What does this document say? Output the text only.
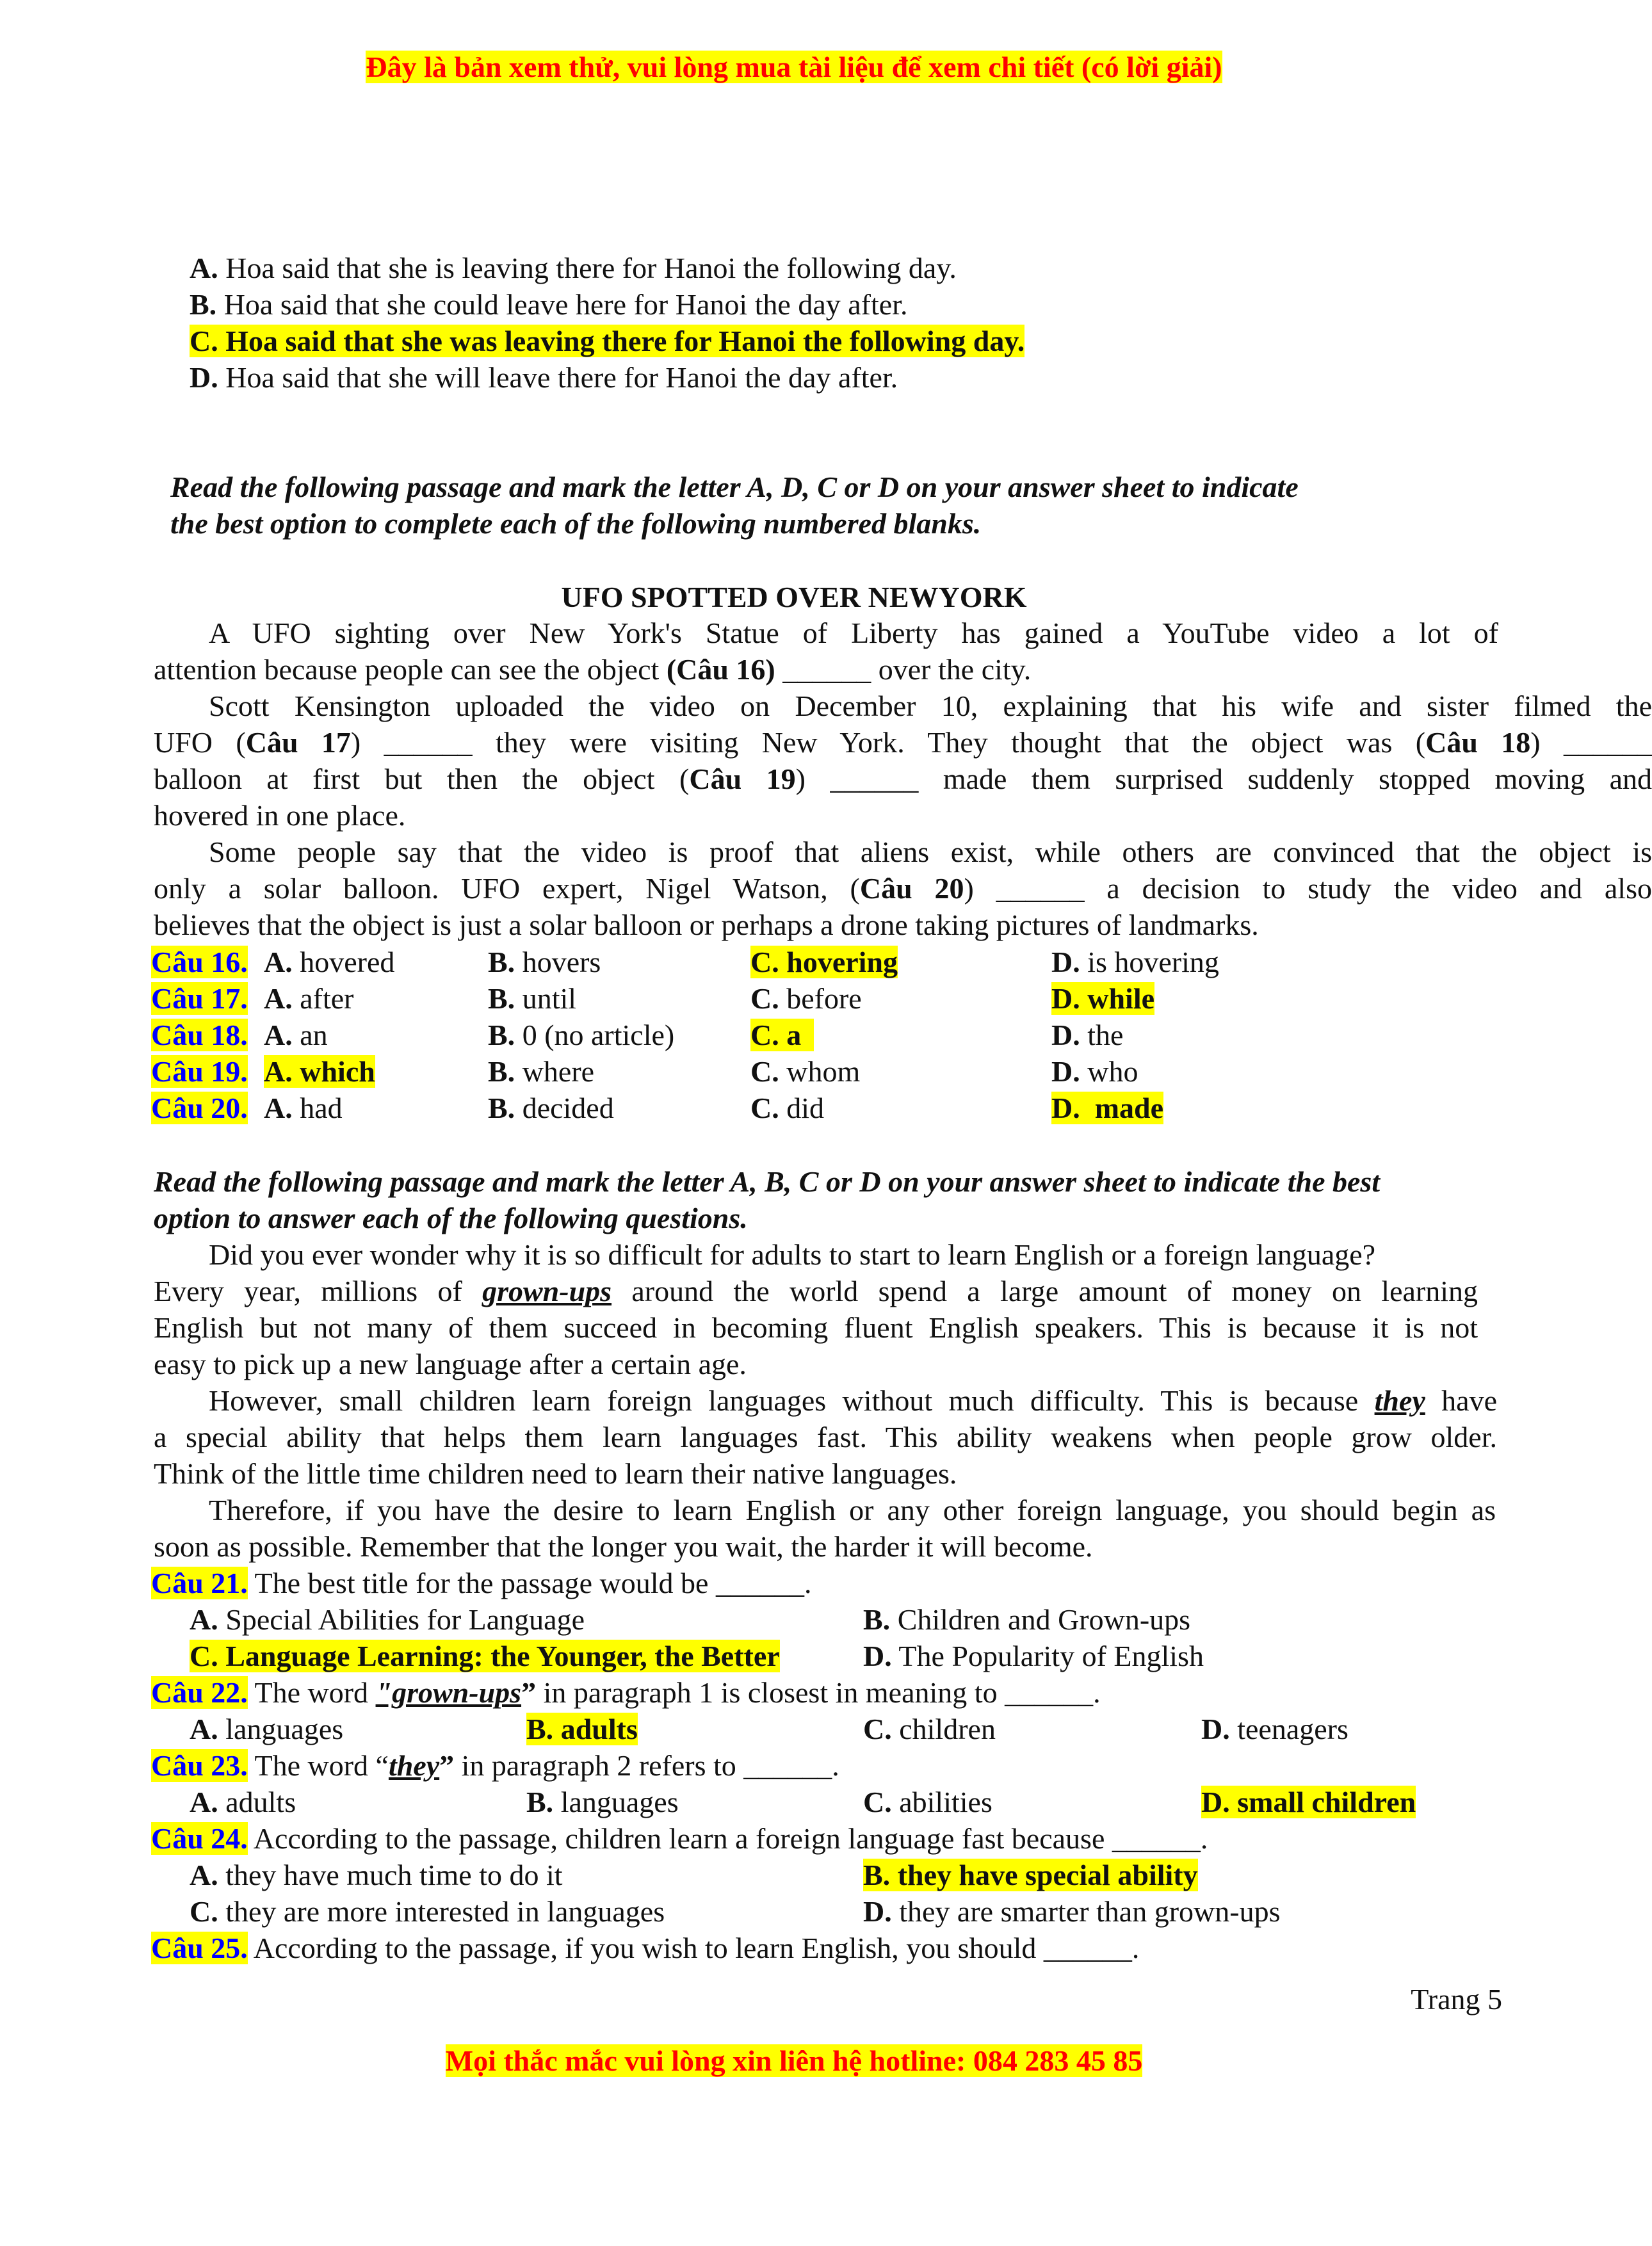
Đây là bản xem thử, vui lòng mua tài liệu để xem chi tiết (có lời giải)
A. Hoa said that she is leaving there for Hanoi the following day.
B. Hoa said that she could leave here for Hanoi the day after.
C. Hoa said that she was leaving there for Hanoi the following day.
D. Hoa said that she will leave there for Hanoi the day after.
Read the following passage and mark the letter A, D, C or D on your answer sheet to indicate
the best option to complete each of the following numbered blanks.
UFO SPOTTED OVER NEWYORK
A UFO sighting over New York's Statue of Liberty has gained a YouTube video a lot of
attention because people can see the object (Câu 16) ______ over the city.
Scott Kensington uploaded the video on December 10, explaining that his wife and sister filmed the
UFO (Câu 17) ______ they were visiting New York. They thought that the object was (Câu 18) ______
balloon at first but then the object (Câu 19) ______ made them surprised suddenly stopped moving and
hovered in one place.
Some people say that the video is proof that aliens exist, while others are convinced that the object is
only a solar balloon. UFO expert, Nigel Watson, (Câu 20) ______ a decision to study the video and also
believes that the object is just a solar balloon or perhaps a drone taking pictures of landmarks.
Câu 16. A. hovered	B. hovers	C. hovering	D. is hovering
Câu 17. A. after	B. until	C. before	D. while
Câu 18. A. an	B. 0 (no article)	C. a	D. the
Câu 19. A. which	B. where	C. whom	D. who
Câu 20. A. had	B. decided	C. did	D.  made
Read the following passage and mark the letter A, B, C or D on your answer sheet to indicate the best
option to answer each of the following questions.
Did you ever wonder why it is so difficult for adults to start to learn English or a foreign language?
Every year, millions of grown-ups around the world spend a large amount of money on learning
English but not many of them succeed in becoming fluent English speakers. This is because it is not
easy to pick up a new language after a certain age.
However, small children learn foreign languages without much difficulty. This is because they have
a special ability that helps them learn languages fast. This ability weakens when people grow older.
Think of the little time children need to learn their native languages.
Therefore, if you have the desire to learn English or any other foreign language, you should begin as
soon as possible. Remember that the longer you wait, the harder it will become.
Câu 21. The best title for the passage would be ______.
A. Special Abilities for Language	B. Children and Grown-ups
C. Language Learning: the Younger, the Better	D. The Popularity of English
Câu 22. The word "grown-ups” in paragraph 1 is closest in meaning to ______.
A. languages	B. adults	C. children	D. teenagers
Câu 23. The word “they” in paragraph 2 refers to ______.
A. adults	B. languages	C. abilities	D. small children
Câu 24. According to the passage, children learn a foreign language fast because ______.
A. they have much time to do it	B. they have special ability
C. they are more interested in languages	D. they are smarter than grown-ups
Câu 25. According to the passage, if you wish to learn English, you should ______.
Trang 5
Mọi thắc mắc vui lòng xin liên hệ hotline: 084 283 45 85
